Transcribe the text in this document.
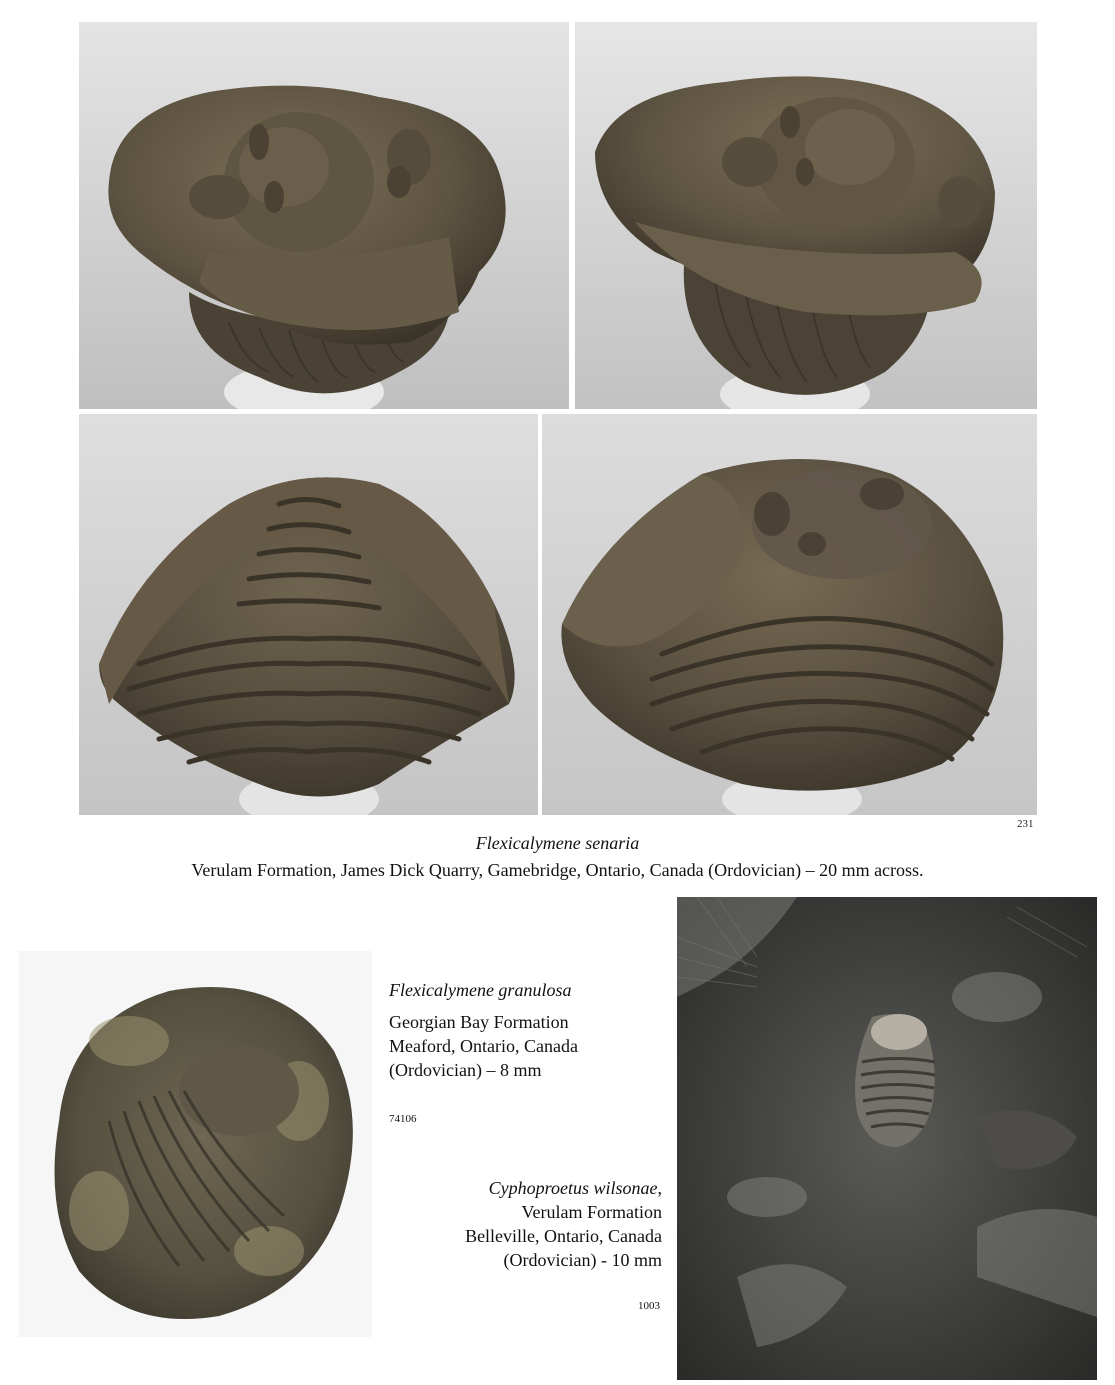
231
Flexicalymene senaria
Verulam Formation, James Dick Quarry, Gamebridge, Ontario, Canada (Ordovician) – 20 mm across.
Flexicalymene granulosa
Georgian Bay Formation
Meaford, Ontario, Canada
(Ordovician) – 8 mm
74106
Cyphoproetus wilsonae,
Verulam Formation
Belleville, Ontario, Canada
(Ordovician) - 10 mm
1003
